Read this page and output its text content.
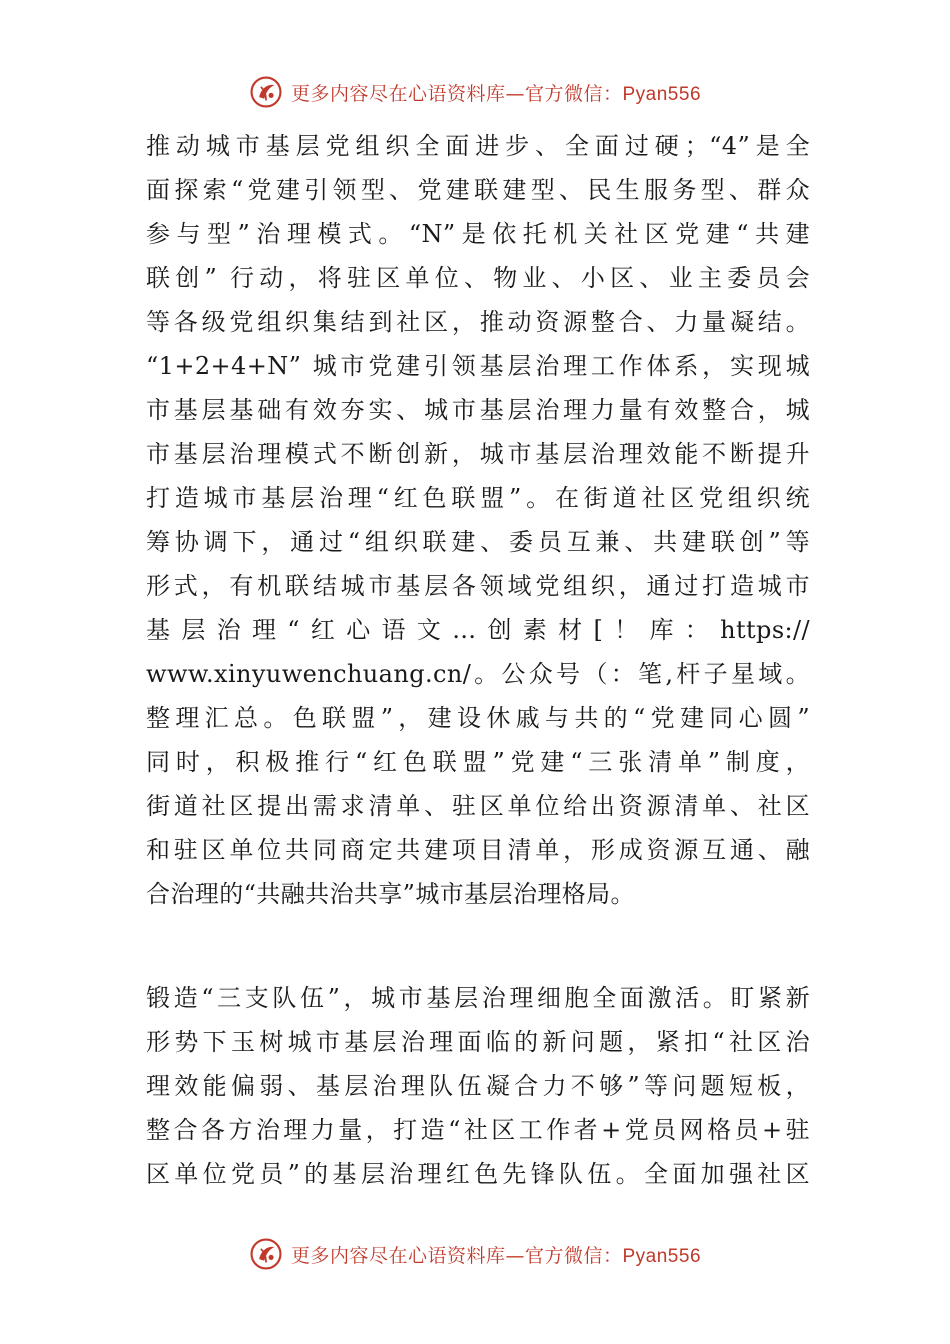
更多内容尽在心语资料库—官方微信：Pyan556
推动城市基层党组织全面进步、全面过硬；“4”是全
面探索“党建引领型、党建联建型、民生服务型、群众
参与型”治理模式。“N”是依托机关社区党建“共建
联创” 行动，将驻区单位、物业、小区、业主委员会
等各级党组织集结到社区，推动资源整合、力量凝结。
“1+2+4+N” 城市党建引领基层治理工作体系，实现城
市基层基础有效夯实、城市基层治理力量有效整合，城
市基层治理模式不断创新，城市基层治理效能不断提升
打造城市基层治理“红色联盟”。在街道社区党组织统
筹协调下，通过“组织联建、委员互兼、共建联创”等
形式，有机联结城市基层各领域党组织，通过打造城市
基层治理“红心语文…创素材[！库：https://
www.xinyuwenchuang.cn/。公众号（：笔,杆子星域。
整理汇总。色联盟”，建设休戚与共的“党建同心圆”
同时，积极推行“红色联盟”党建“三张清单”制度，
街道社区提出需求清单、驻区单位给出资源清单、社区
和驻区单位共同商定共建项目清单，形成资源互通、融
合治理的“共融共治共享”城市基层治理格局。
锻造“三支队伍”，城市基层治理细胞全面激活。盯紧新
形势下玉树城市基层治理面临的新问题，紧扣“社区治
理效能偏弱、基层治理队伍凝合力不够”等问题短板，
整合各方治理力量，打造“社区工作者+党员网格员+驻
区单位党员”的基层治理红色先锋队伍。全面加强社区
更多内容尽在心语资料库—官方微信：Pyan556
